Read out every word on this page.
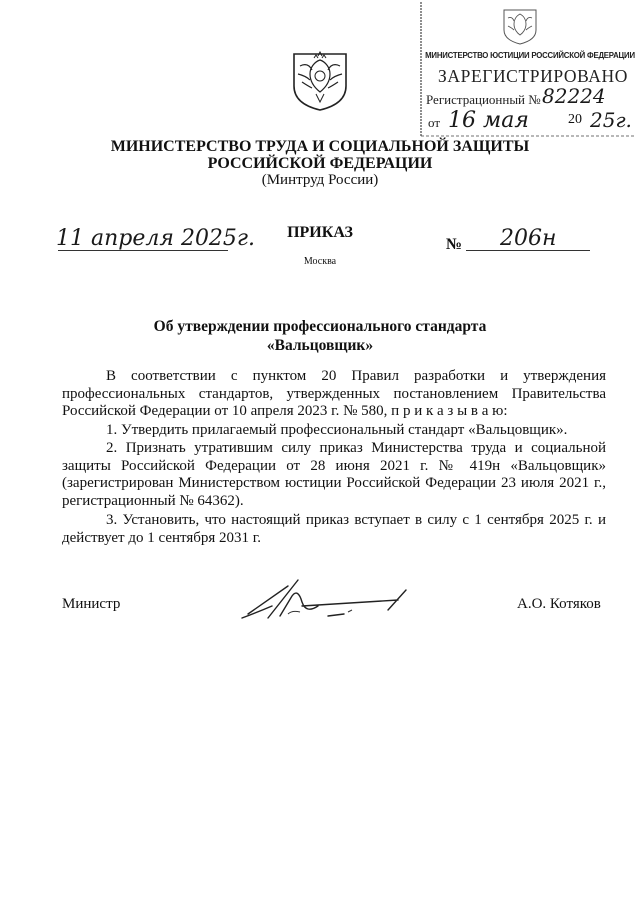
МИНИСТЕРСТВО ЮСТИЦИИ РОССИЙСКОЙ ФЕДЕРАЦИИ
ЗАРЕГИСТРИРОВАНО
Регистрационный № 82224
от 16 мая	20 25г.
МИНИСТЕРСТВО ТРУДА И СОЦИАЛЬНОЙ ЗАЩИТЫ
РОССИЙСКОЙ ФЕДЕРАЦИИ
(Минтруд России)
11 апреля 2025г.	ПРИКАЗ
Москва
№ 206н
Об утверждении профессионального стандарта
«Вальцовщик»
В соответствии с пунктом 20 Правил разработки и утверждения профессиональных стандартов, утвержденных постановлением Правительства Российской Федерации от 10 апреля 2023 г. № 580, п р и к а з ы в а ю:
1. Утвердить прилагаемый профессиональный стандарт «Вальцовщик».
2. Признать утратившим силу приказ Министерства труда и социальной защиты Российской Федерации от 28 июня 2021 г. № 419н «Вальцовщик» (зарегистрирован Министерством юстиции Российской Федерации 23 июля 2021 г., регистрационный № 64362).
3. Установить, что настоящий приказ вступает в силу с 1 сентября 2025 г. и действует до 1 сентября 2031 г.
Министр	А.О. Котяков
